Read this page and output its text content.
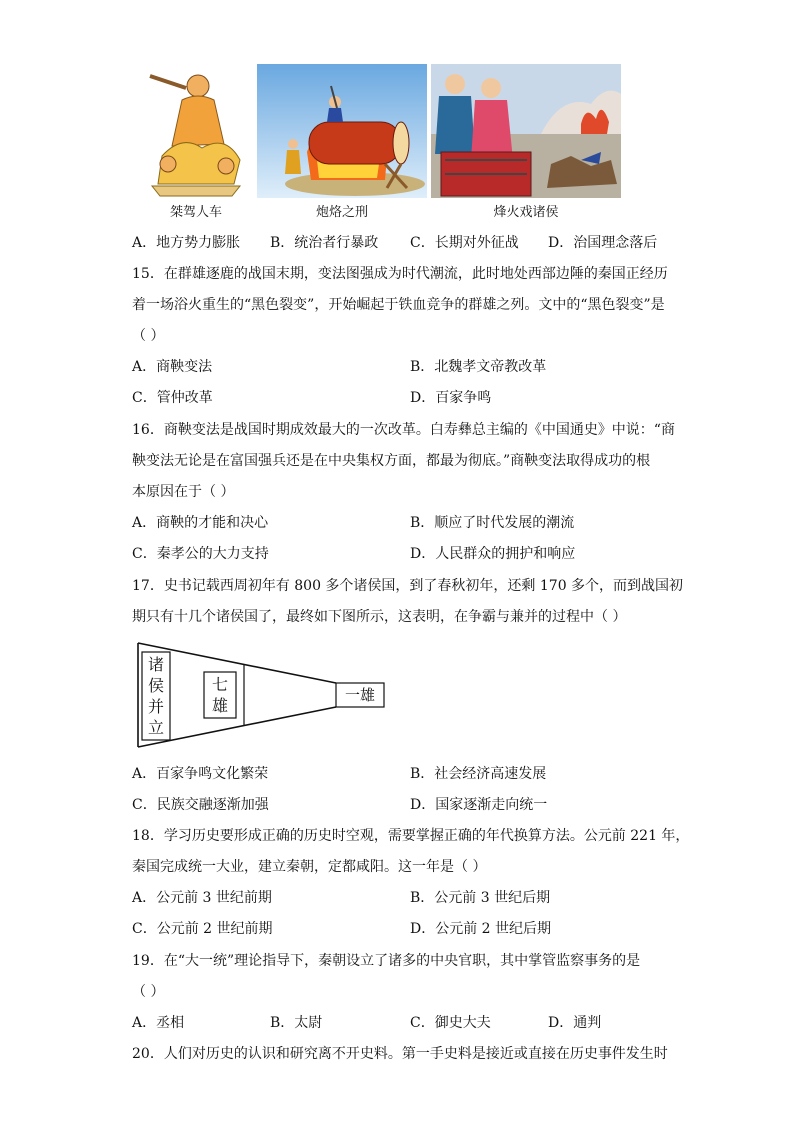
桀驾人车	炮烙之刑	烽火戏诸侯
A．地方势力膨胀 B．统治者行暴政 C．长期对外征战 D．治国理念落后
15．在群雄逐鹿的战国末期，变法图强成为时代潮流，此时地处西部边陲的秦国正经历
着一场浴火重生的“黑色裂变”，开始崛起于铁血竞争的群雄之列。文中的“黑色裂变”是
（ ）
A．商鞅变法	B．北魏孝文帝教改革
C．管仲改革	D．百家争鸣
16．商鞅变法是战国时期成效最大的一次改革。白寿彝总主编的《中国通史》中说：“商
鞅变法无论是在富国强兵还是在中央集权方面，都最为彻底。”商鞅变法取得成功的根
本原因在于（ ）
A．商鞅的才能和决心	B．顺应了时代发展的潮流
C．秦孝公的大力支持	D．人民群众的拥护和响应
17．史书记载西周初年有 800 多个诸侯国，到了春秋初年，还剩 170 多个，而到战国初
期只有十几个诸侯国了，最终如下图所示，这表明，在争霸与兼并的过程中（ ）
诸
侯
并
立
七
雄
一雄
A．百家争鸣文化繁荣	B．社会经济高速发展
C．民族交融逐渐加强	D．国家逐渐走向统一
18．学习历史要形成正确的历史时空观，需要掌握正确的年代换算方法。公元前 221 年，
秦国完成统一大业，建立秦朝，定都咸阳。这一年是（ ）
A．公元前 3 世纪前期	B．公元前 3 世纪后期
C．公元前 2 世纪前期	D．公元前 2 世纪后期
19．在“大一统”理论指导下，秦朝设立了诸多的中央官职，其中掌管监察事务的是
（ ）
A．丞相	B．太尉	C．御史大夫	D．通判
20．人们对历史的认识和研究离不开史料。第一手史料是接近或直接在历史事件发生时
